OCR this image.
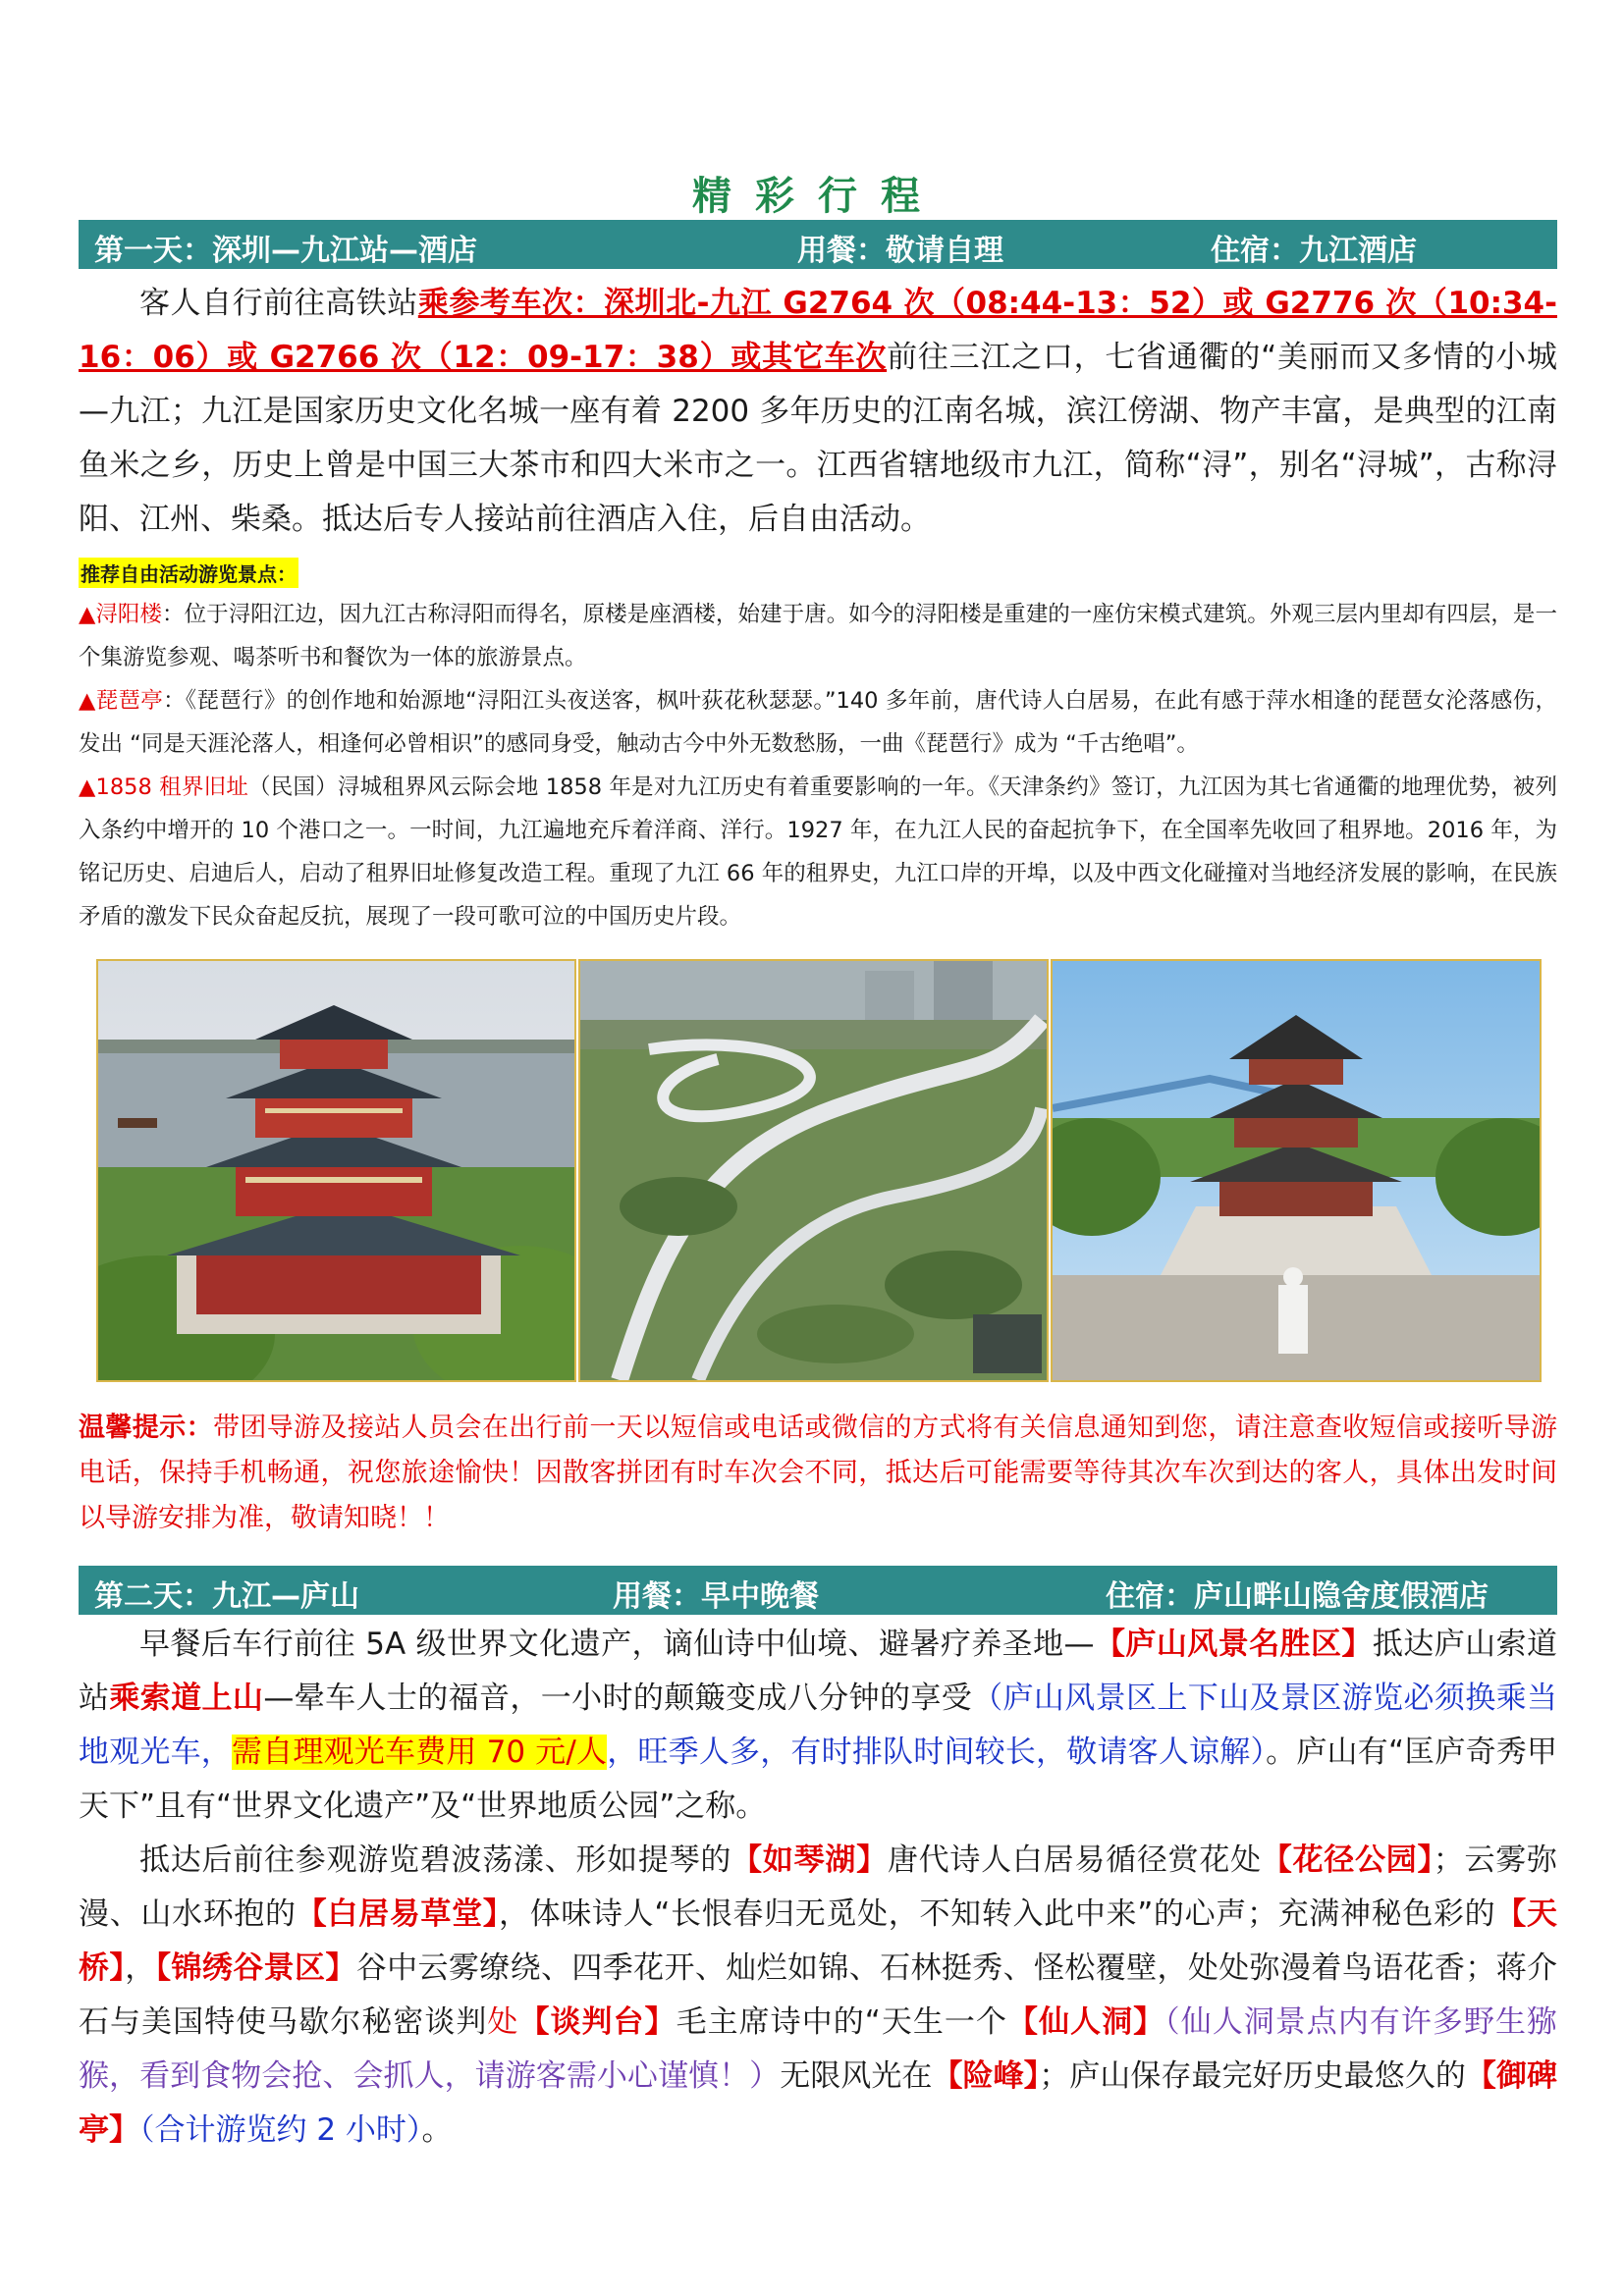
精彩行程
第一天：深圳—九江站—酒店	用餐：敬请自理	住宿：九江酒店
客人自行前往高铁站乘参考车次：深圳北-九江 G2764 次（08:44-13：52）或 G2776 次（10:34-16：06）或 G2766 次（12：09-17：38）或其它车次前往三江之口，七省通衢的“美丽而又多情的小城—九江；九江是国家历史文化名城一座有着 2200 多年历史的江南名城，滨江傍湖、物产丰富，是典型的江南鱼米之乡，历史上曾是中国三大茶市和四大米市之一。江西省辖地级市九江，简称“浔”，别名“浔城”，古称浔阳、江州、柴桑。抵达后专人接站前往酒店入住，后自由活动。
推荐自由活动游览景点：
▲浔阳楼：位于浔阳江边，因九江古称浔阳而得名，原楼是座酒楼，始建于唐。如今的浔阳楼是重建的一座仿宋模式建筑。外观三层内里却有四层，是一个集游览参观、喝茶听书和餐饮为一体的旅游景点。
▲琵琶亭：《琵琶行》的创作地和始源地“浔阳江头夜送客，枫叶荻花秋瑟瑟。”140 多年前，唐代诗人白居易，在此有感于萍水相逢的琵琶女沦落感伤，发出 “同是天涯沦落人，相逢何必曾相识”的感同身受，触动古今中外无数愁肠，一曲《琵琶行》成为 “千古绝唱”。
▲1858 租界旧址（民国）浔城租界风云际会地 1858 年是对九江历史有着重要影响的一年。《天津条约》签订，九江因为其七省通衢的地理优势，被列入条约中增开的 10 个港口之一。一时间，九江遍地充斥着洋商、洋行。1927 年，在九江人民的奋起抗争下，在全国率先收回了租界地。2016 年，为铭记历史、启迪后人，启动了租界旧址修复改造工程。重现了九江 66 年的租界史，九江口岸的开埠，以及中西文化碰撞对当地经济发展的影响，在民族矛盾的激发下民众奋起反抗，展现了一段可歌可泣的中国历史片段。
温馨提示：带团导游及接站人员会在出行前一天以短信或电话或微信的方式将有关信息通知到您，请注意查收短信或接听导游电话，保持手机畅通，祝您旅途愉快！因散客拼团有时车次会不同，抵达后可能需要等待其次车次到达的客人，具体出发时间以导游安排为准，敬请知晓！！
第二天：九江—庐山	用餐：早中晚餐	住宿：庐山畔山隐舍度假酒店
早餐后车行前往 5A 级世界文化遗产，谪仙诗中仙境、避暑疗养圣地—【庐山风景名胜区】抵达庐山索道站乘索道上山—晕车人士的福音，一小时的颠簸变成八分钟的享受（庐山风景区上下山及景区游览必须换乘当地观光车，需自理观光车费用 70 元/人，旺季人多，有时排队时间较长，敬请客人谅解）。庐山有“匡庐奇秀甲天下”且有“世界文化遗产”及“世界地质公园”之称。
抵达后前往参观游览碧波荡漾、形如提琴的【如琴湖】唐代诗人白居易循径赏花处【花径公园】；云雾弥漫、山水环抱的【白居易草堂】，体味诗人“长恨春归无觅处，不知转入此中来”的心声；充满神秘色彩的【天桥】，【锦绣谷景区】谷中云雾缭绕、四季花开、灿烂如锦、石林挺秀、怪松覆壁，处处弥漫着鸟语花香；蒋介石与美国特使马歇尔秘密谈判处【谈判台】毛主席诗中的“天生一个【仙人洞】（仙人洞景点内有许多野生猕猴，看到食物会抢、会抓人，请游客需小心谨慎！）无限风光在【险峰】；庐山保存最完好历史最悠久的【御碑亭】（合计游览约 2 小时）。
